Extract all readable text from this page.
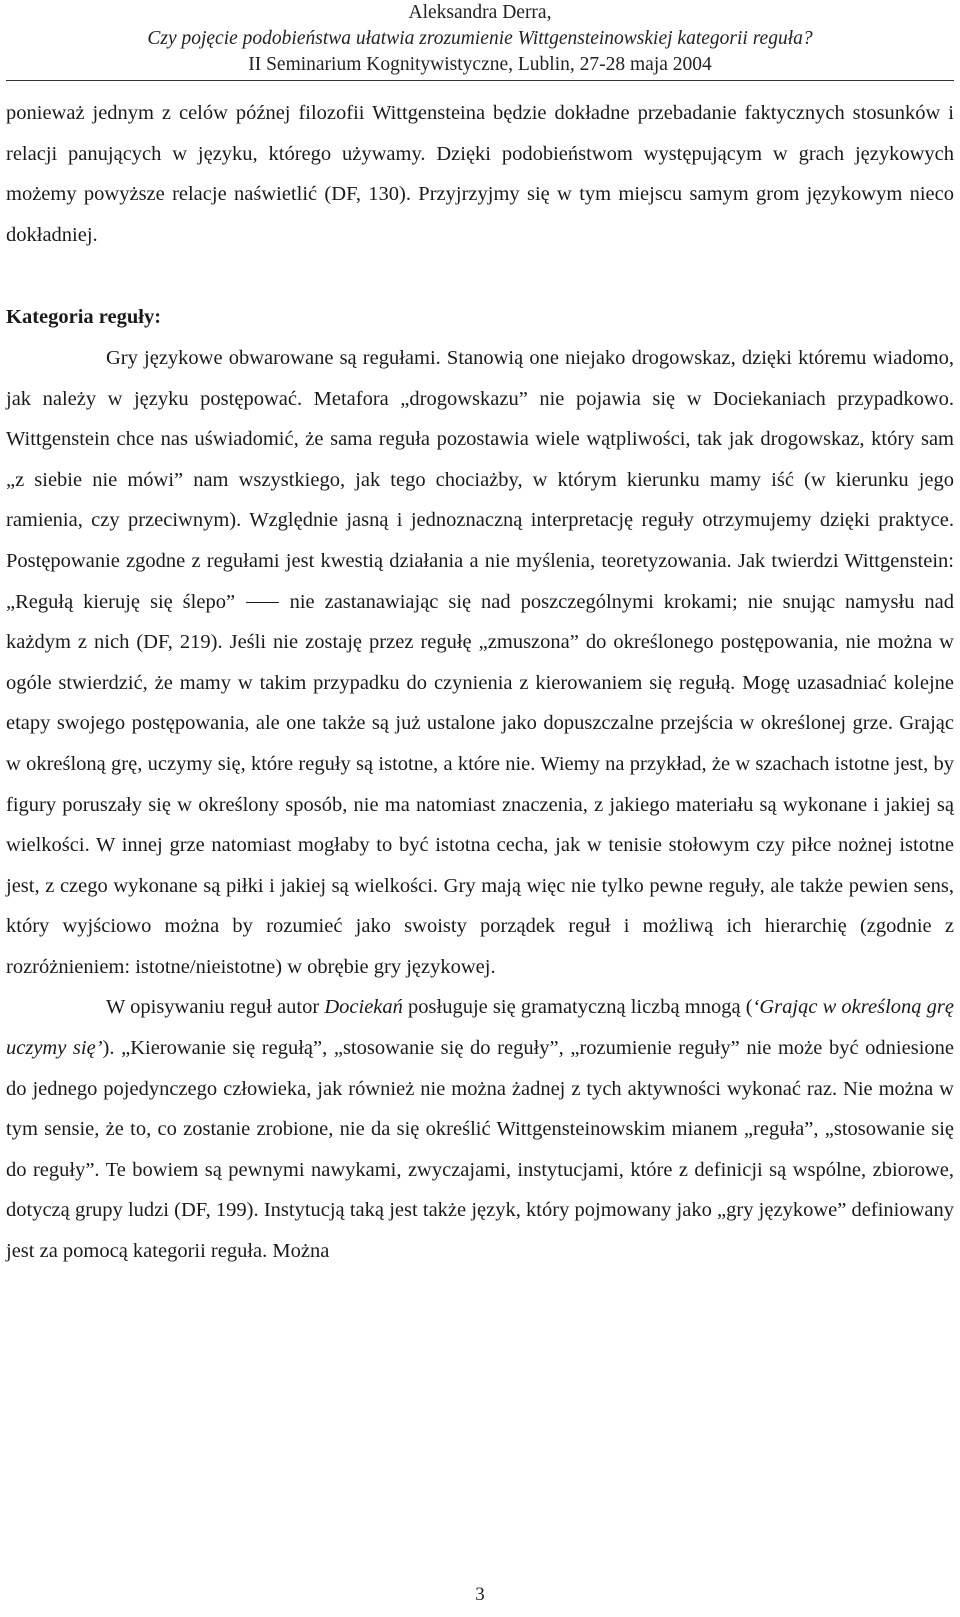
Aleksandra Derra,
Czy pojęcie podobieństwa ułatwia zrozumienie Wittgensteinowskiej kategorii reguła?
II Seminarium Kognitywistyczne, Lublin, 27-28 maja 2004

ponieważ jednym z celów późnej filozofii Wittgensteina będzie dokładne przebadanie faktycznych stosunków i relacji panujących w języku, którego używamy. Dzięki podobieństwom występującym w grach językowych możemy powyższe relacje naświetlić (DF, 130). Przyjrzyjmy się w tym miejscu samym grom językowym nieco dokładniej.

Kategoria reguły:

Gry językowe obwarowane są regułami. Stanowią one niejako drogowskaz, dzięki któremu wiadomo, jak należy w języku postępować. Metafora „drogowskazu” nie pojawia się w Dociekaniach przypadkowo. Wittgenstein chce nas uświadomić, że sama reguła pozostawia wiele wątpliwości, tak jak drogowskaz, który sam „z siebie nie mówi” nam wszystkiego, jak tego chociażby, w którym kierunku mamy iść (w kierunku jego ramienia, czy przeciwnym). Względnie jasną i jednoznaczną interpretację reguły otrzymujemy dzięki praktyce. Postępowanie zgodne z regułami jest kwestią działania a nie myślenia, teoretyzowania. Jak twierdzi Wittgenstein: „Regułą kieruję się ślepo” ⸺ nie zastanawiając się nad poszczególnymi krokami; nie snując namysłu nad każdym z nich (DF, 219). Jeśli nie zostaję przez regułę „zmuszona” do określonego postępowania, nie można w ogóle stwierdzić, że mamy w takim przypadku do czynienia z kierowaniem się regułą. Mogę uzasadniać kolejne etapy swojego postępowania, ale one także są już ustalone jako dopuszczalne przejścia w określonej grze. Grając w określoną grę, uczymy się, które reguły są istotne, a które nie. Wiemy na przykład, że w szachach istotne jest, by figury poruszały się w określony sposób, nie ma natomiast znaczenia, z jakiego materiału są wykonane i jakiej są wielkości. W innej grze natomiast mogłaby to być istotna cecha, jak w tenisie stołowym czy piłce nożnej istotne jest, z czego wykonane są piłki i jakiej są wielkości. Gry mają więc nie tylko pewne reguły, ale także pewien sens, który wyjściowo można by rozumieć jako swoisty porządek reguł i możliwą ich hierarchię (zgodnie z rozróżnieniem: istotne/nieistotne) w obrębie gry językowej.

W opisywaniu reguł autor Dociekań posługuje się gramatyczną liczbą mnogą (‘Grając w określoną grę uczymy się’). „Kierowanie się regułą”, „stosowanie się do reguły”, „rozumienie reguły” nie może być odniesione do jednego pojedynczego człowieka, jak również nie można żadnej z tych aktywności wykonać raz. Nie można w tym sensie, że to, co zostanie zrobione, nie da się określić Wittgensteinowskim mianem „reguła”, „stosowanie się do reguły”. Te bowiem są pewnymi nawykami, zwyczajami, instytucjami, które z definicji są wspólne, zbiorowe, dotyczą grupy ludzi (DF, 199). Instytucją taką jest także język, który pojmowany jako „gry językowe” definiowany jest za pomocą kategorii reguła. Można

3
